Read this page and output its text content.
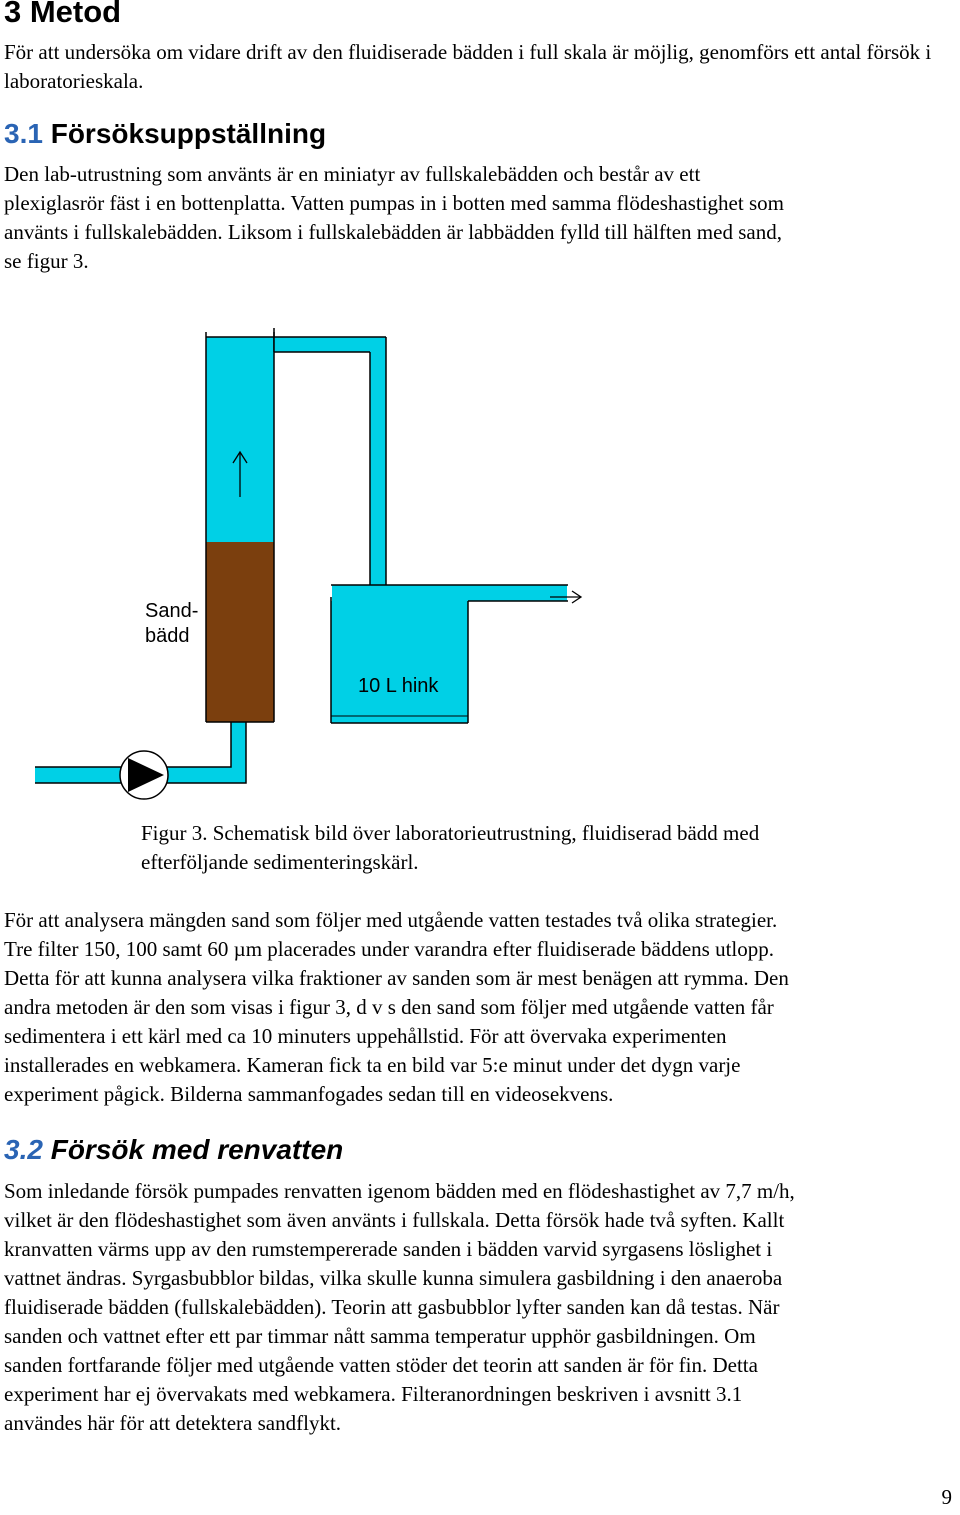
3 Metod

För att undersöka om vidare drift av den fluidiserade bädden i full skala är möjlig, genomförs ett antal försök i laboratorieskala.

3.1 Försöksuppställning
Den lab-utrustning som använts är en miniatyr av fullskalebädden och består av ett
plexiglasrör fäst i en bottenplatta. Vatten pumpas in i botten med samma flödeshastighet som
använts i fullskalebädden. Liksom i fullskalebädden är labbädden fylld till hälften med sand,
se figur 3.
Sand-
bädd
10 L hink
Figur 3. Schematisk bild över laboratorieutrustning, fluidiserad bädd med
efterföljande sedimenteringskärl.
För att analysera mängden sand som följer med utgående vatten testades två olika strategier.
Tre filter 150, 100 samt 60 µm placerades under varandra efter fluidiserade bäddens utlopp.
Detta för att kunna analysera vilka fraktioner av sanden som är mest benägen att rymma. Den
andra metoden är den som visas i figur 3, d v s den sand som följer med utgående vatten får
sedimentera i ett kärl med ca 10 minuters uppehållstid. För att övervaka experimenten
installerades en webkamera. Kameran fick ta en bild var 5:e minut under det dygn varje
experiment pågick. Bilderna sammanfogades sedan till en videosekvens.
3.2 Försök med renvatten
Som inledande försök pumpades renvatten igenom bädden med en flödeshastighet av 7,7 m/h,
vilket är den flödeshastighet som även använts i fullskala. Detta försök hade två syften. Kallt
kranvatten värms upp av den rumstempererade sanden i bädden varvid syrgasens löslighet i
vattnet ändras. Syrgasbubblor bildas, vilka skulle kunna simulera gasbildning i den anaeroba
fluidiserade bädden (fullskalebädden). Teorin att gasbubblor lyfter sanden kan då testas. När
sanden och vattnet efter ett par timmar nått samma temperatur upphör gasbildningen. Om
sanden fortfarande följer med utgående vatten stöder det teorin att sanden är för fin. Detta
experiment har ej övervakats med webkamera. Filteranordningen beskriven i avsnitt 3.1
användes här för att detektera sandflykt.
9
